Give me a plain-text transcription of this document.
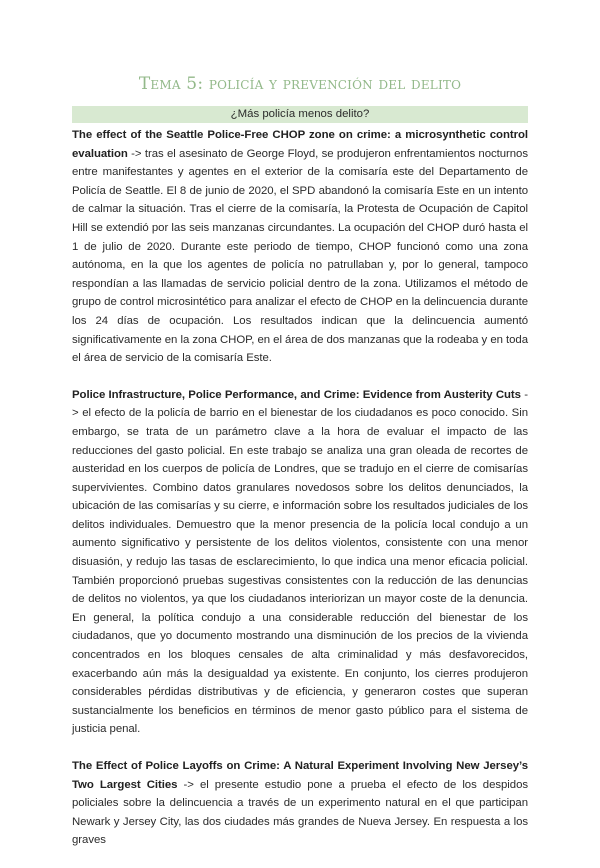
Tema 5: policía y prevención del delito
¿Más policía menos delito?

The effect of the Seattle Police-Free CHOP zone on crime: a microsynthetic control evaluation -> tras el asesinato de George Floyd, se produjeron enfrentamientos nocturnos entre manifestantes y agentes en el exterior de la comisaría este del Departamento de Policía de Seattle. El 8 de junio de 2020, el SPD abandonó la comisaría Este en un intento de calmar la situación. Tras el cierre de la comisaría, la Protesta de Ocupación de Capitol Hill se extendió por las seis manzanas circundantes. La ocupación del CHOP duró hasta el 1 de julio de 2020. Durante este periodo de tiempo, CHOP funcionó como una zona autónoma, en la que los agentes de policía no patrullaban y, por lo general, tampoco respondían a las llamadas de servicio policial dentro de la zona. Utilizamos el método de grupo de control microsintético para analizar el efecto de CHOP en la delincuencia durante los 24 días de ocupación. Los resultados indican que la delincuencia aumentó significativamente en la zona CHOP, en el área de dos manzanas que la rodeaba y en toda el área de servicio de la comisaría Este.

Police Infrastructure, Police Performance, and Crime: Evidence from Austerity Cuts -> el efecto de la policía de barrio en el bienestar de los ciudadanos es poco conocido. Sin embargo, se trata de un parámetro clave a la hora de evaluar el impacto de las reducciones del gasto policial. En este trabajo se analiza una gran oleada de recortes de austeridad en los cuerpos de policía de Londres, que se tradujo en el cierre de comisarías supervivientes. Combino datos granulares novedosos sobre los delitos denunciados, la ubicación de las comisarías y su cierre, e información sobre los resultados judiciales de los delitos individuales. Demuestro que la menor presencia de la policía local condujo a un aumento significativo y persistente de los delitos violentos, consistente con una menor disuasión, y redujo las tasas de esclarecimiento, lo que indica una menor eficacia policial. También proporcionó pruebas sugestivas consistentes con la reducción de las denuncias de delitos no violentos, ya que los ciudadanos interiorizan un mayor coste de la denuncia. En general, la política condujo a una considerable reducción del bienestar de los ciudadanos, que yo documento mostrando una disminución de los precios de la vivienda concentrados en los bloques censales de alta criminalidad y más desfavorecidos, exacerbando aún más la desigualdad ya existente. En conjunto, los cierres produjeron considerables pérdidas distributivas y de eficiencia, y generaron costes que superan sustancialmente los beneficios en términos de menor gasto público para el sistema de justicia penal.

The Effect of Police Layoffs on Crime: A Natural Experiment Involving New Jersey’s Two Largest Cities -> el presente estudio pone a prueba el efecto de los despidos policiales sobre la delincuencia a través de un experimento natural en el que participan Newark y Jersey City, las dos ciudades más grandes de Nueva Jersey. En respuesta a los graves
